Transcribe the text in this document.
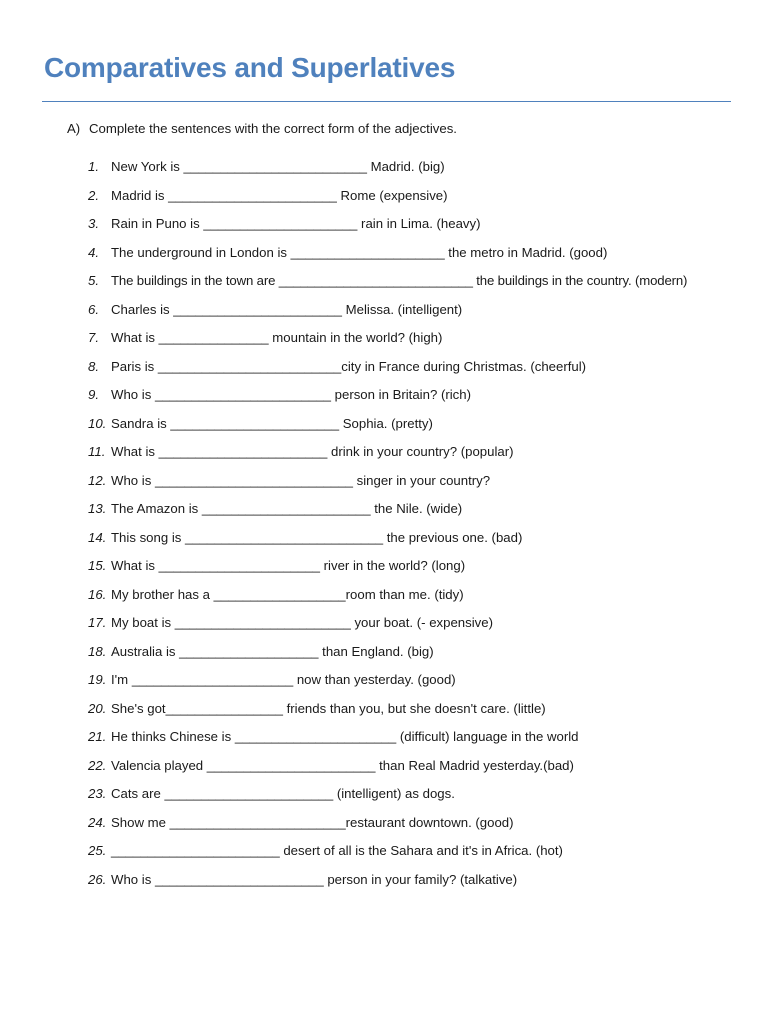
Comparatives and Superlatives
A) Complete the sentences with the correct form of the adjectives.
1. New York is _________________________ Madrid. (big)
2. Madrid is _______________________ Rome (expensive)
3. Rain in Puno is _____________________ rain in Lima. (heavy)
4. The underground in London is _____________________ the metro in Madrid. (good)
5. The buildings in the town are ___________________________ the buildings in the country. (modern)
6. Charles is _______________________ Melissa. (intelligent)
7. What is _______________ mountain in the world? (high)
8. Paris is _________________________city in France during Christmas. (cheerful)
9. Who is ________________________ person in Britain? (rich)
10. Sandra is _______________________ Sophia. (pretty)
11. What is _______________________ drink in your country? (popular)
12. Who is ___________________________ singer in your country?
13. The Amazon is _______________________ the Nile. (wide)
14. This song is ___________________________ the previous one. (bad)
15. What is ______________________ river in the world? (long)
16. My brother has a __________________room than me. (tidy)
17. My boat is ________________________ your boat. (- expensive)
18. Australia is ___________________ than England. (big)
19. I'm ______________________ now than yesterday. (good)
20. She's got________________ friends than you, but she doesn't care. (little)
21. He thinks Chinese is ______________________ (difficult) language in the world
22. Valencia played _______________________ than Real Madrid yesterday.(bad)
23. Cats are _______________________ (intelligent) as dogs.
24. Show me ________________________restaurant downtown. (good)
25. _______________________ desert of all is the Sahara and it's in Africa. (hot)
26. Who is _______________________ person in your family? (talkative)
